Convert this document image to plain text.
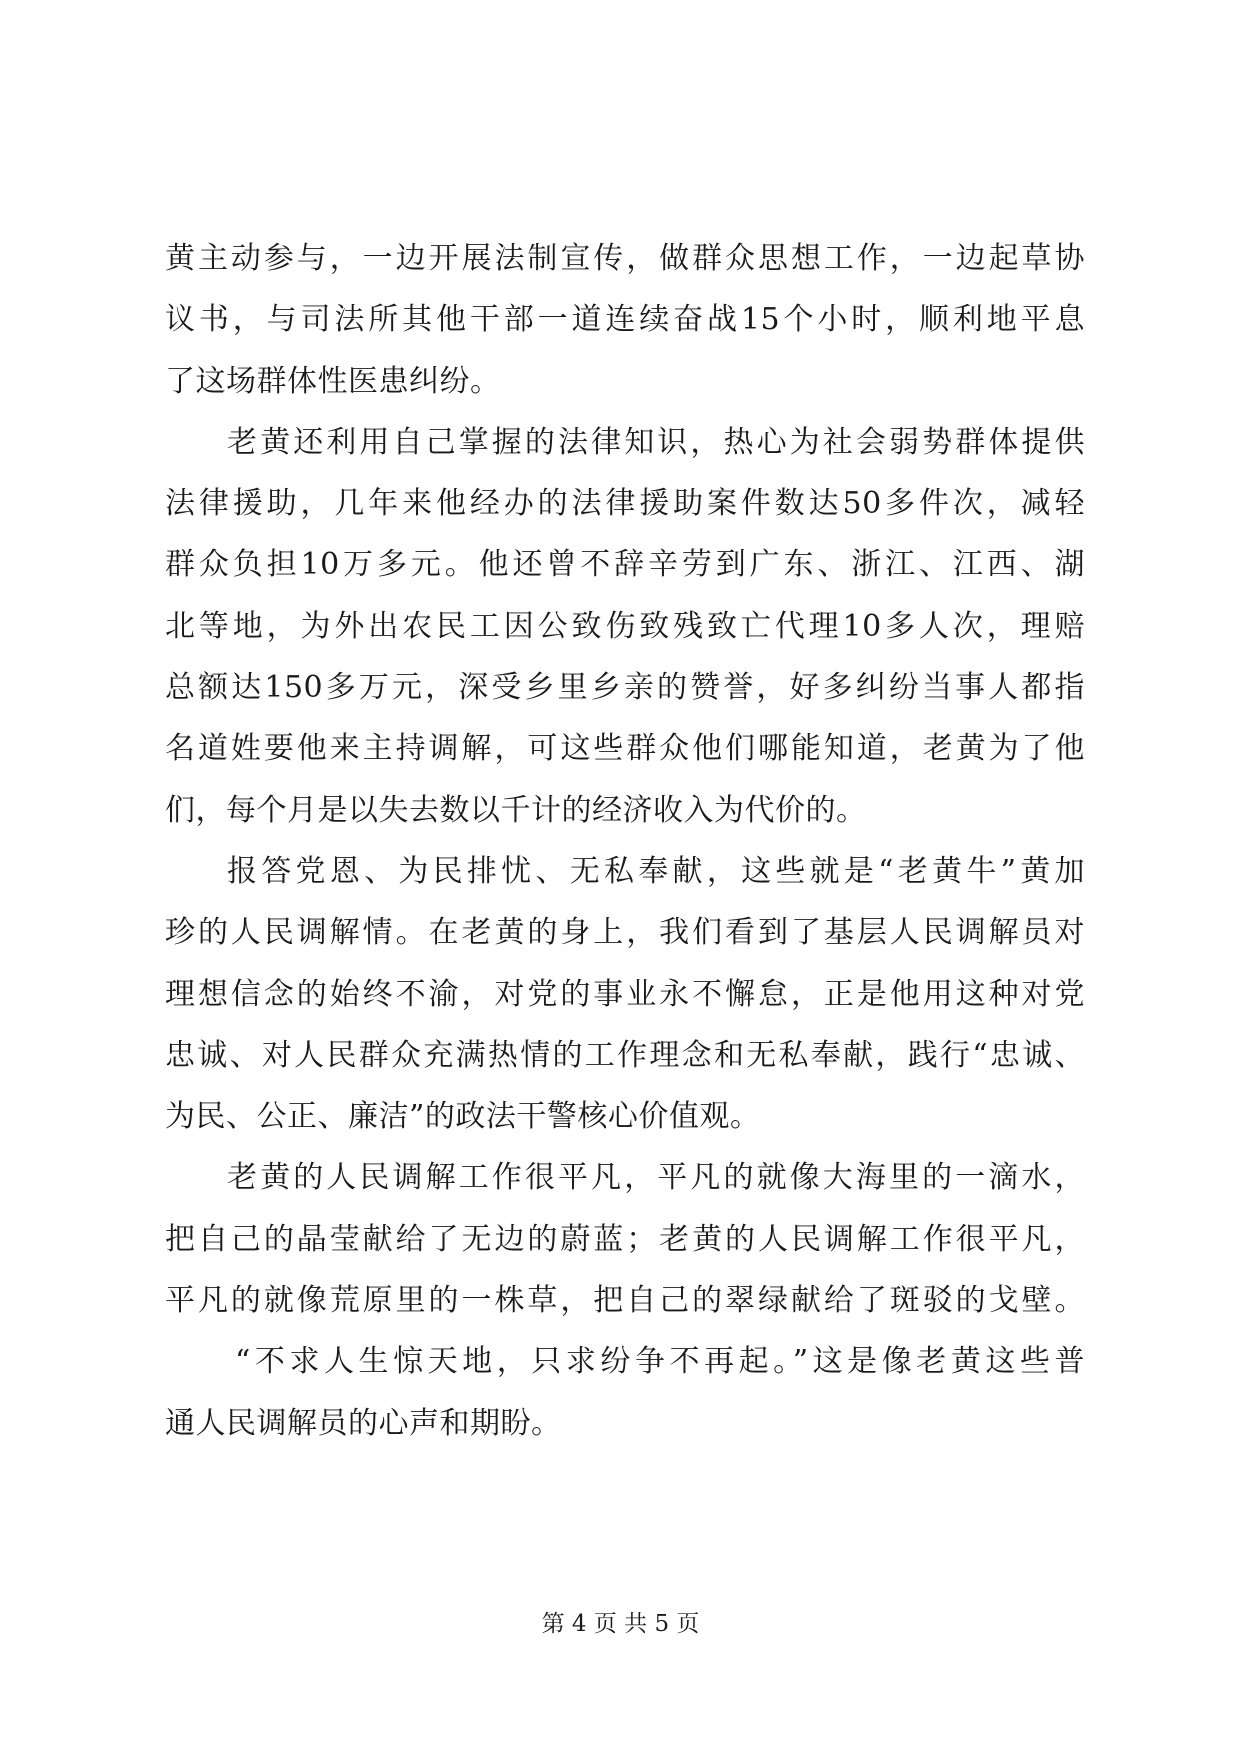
黄主动参与，一边开展法制宣传，做群众思想工作，一边起草协
议书，与司法所其他干部一道连续奋战15个小时，顺利地平息
了这场群体性医患纠纷。
老黄还利用自己掌握的法律知识，热心为社会弱势群体提供
法律援助，几年来他经办的法律援助案件数达50多件次，减轻
群众负担10万多元。他还曾不辞辛劳到广东、浙江、江西、湖
北等地，为外出农民工因公致伤致残致亡代理10多人次，理赔
总额达150多万元，深受乡里乡亲的赞誉，好多纠纷当事人都指
名道姓要他来主持调解，可这些群众他们哪能知道，老黄为了他
们，每个月是以失去数以千计的经济收入为代价的。
报答党恩、为民排忧、无私奉献，这些就是“老黄牛”黄加
珍的人民调解情。在老黄的身上，我们看到了基层人民调解员对
理想信念的始终不渝，对党的事业永不懈怠，正是他用这种对党
忠诚、对人民群众充满热情的工作理念和无私奉献，践行“忠诚、
为民、公正、廉洁”的政法干警核心价值观。
老黄的人民调解工作很平凡，平凡的就像大海里的一滴水，
把自己的晶莹献给了无边的蔚蓝；老黄的人民调解工作很平凡，
平凡的就像荒原里的一株草，把自己的翠绿献给了斑驳的戈壁。
“不求人生惊天地，只求纷争不再起。”这是像老黄这些普
通人民调解员的心声和期盼。
第 4 页 共 5 页
